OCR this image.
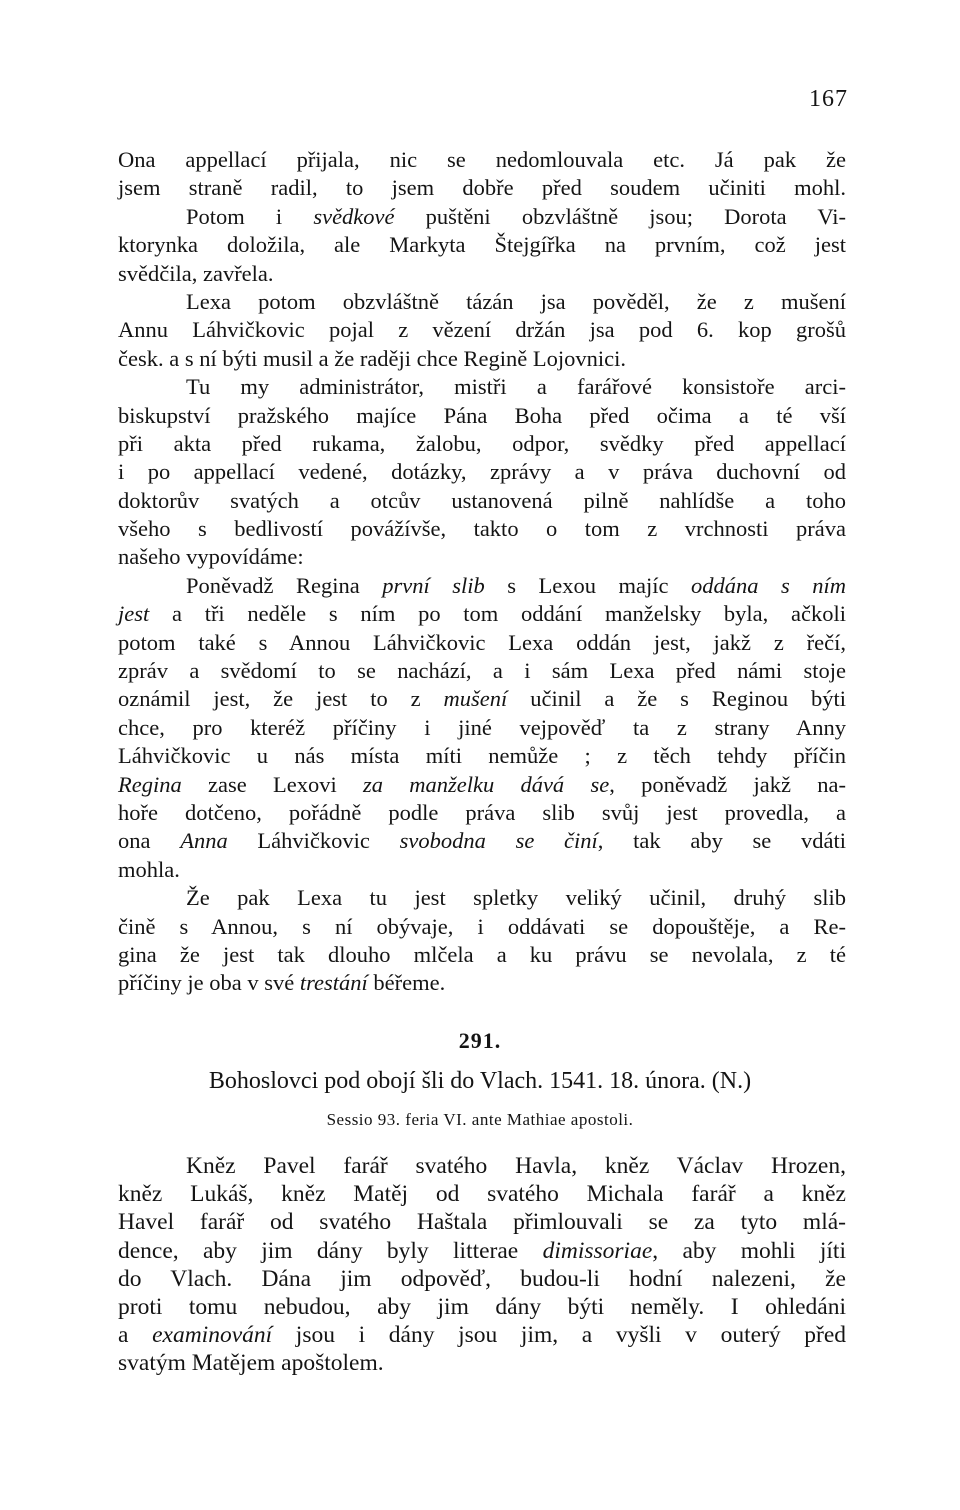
167
Ona appellací přijala, nic se nedomlouvala etc. Já pak že
jsem straně radil, to jsem dobře před soudem učiniti mohl.
Potom i svědkové puštěni obzvláštně jsou; Dorota Vi-
ktorynka doložila, ale Markyta Štejgířka na prvním, což jest
svědčila, zavřela.
Lexa potom obzvláštně tázán jsa pověděl, že z mušení
Annu Láhvičkovic pojal z vězení držán jsa pod 6. kop grošů
česk. a s ní býti musil a že raději chce Regině Lojovnici.
Tu my administrátor, mistři a farářové konsistoře arci-
biskupství pražského majíce Pána Boha před očima a té vší
při akta před rukama, žalobu, odpor, svědky před appellací
i po appellací vedené, dotázky, zprávy a v práva duchovní od
doktorův svatých a otcův ustanovená pilně nahlídše a toho
všeho s bedlivostí povážívše, takto o tom z vrchnosti práva
našeho vypovídáme:
Poněvadž Regina první slib s Lexou majíc oddána s ním
jest a tři neděle s ním po tom oddání manželsky byla, ačkoli
potom také s Annou Láhvičkovic Lexa oddán jest, jakž z řečí,
zpráv a svědomí to se nachází, a i sám Lexa před námi stoje
oznámil jest, že jest to z mušení učinil a že s Reginou býti
chce, pro kteréž příčiny i jiné vejpověď ta z strany Anny
Láhvičkovic u nás místa míti nemůže ; z těch tehdy příčin
Regina zase Lexovi za manželku dává se, poněvadž jakž na-
hoře dotčeno, pořádně podle práva slib svůj jest provedla, a
ona Anna Láhvičkovic svobodna se činí, tak aby se vdáti
mohla.
Že pak Lexa tu jest spletky veliký učinil, druhý slib
čině s Annou, s ní obývaje, i oddávati se dopouštěje, a Re-
gina že jest tak dlouho mlčela a ku právu se nevolala, z té
příčiny je oba v své trestání béřeme.
291.
Bohoslovci pod obojí šli do Vlach. 1541. 18. února. (N.)
Sessio 93. feria VI. ante Mathiae apostoli.
Kněz Pavel farář svatého Havla, kněz Václav Hrozen,
kněz Lukáš, kněz Matěj od svatého Michala farář a kněz
Havel farář od svatého Haštala přimlouvali se za tyto mlá-
dence, aby jim dány byly litterae dimissoriae, aby mohli jíti
do Vlach. Dána jim odpověď, budou-li hodní nalezeni, že
proti tomu nebudou, aby jim dány býti neměly. I ohledáni
a examinování jsou i dány jsou jim, a vyšli v outerý před
svatým Matějem apoštolem.
